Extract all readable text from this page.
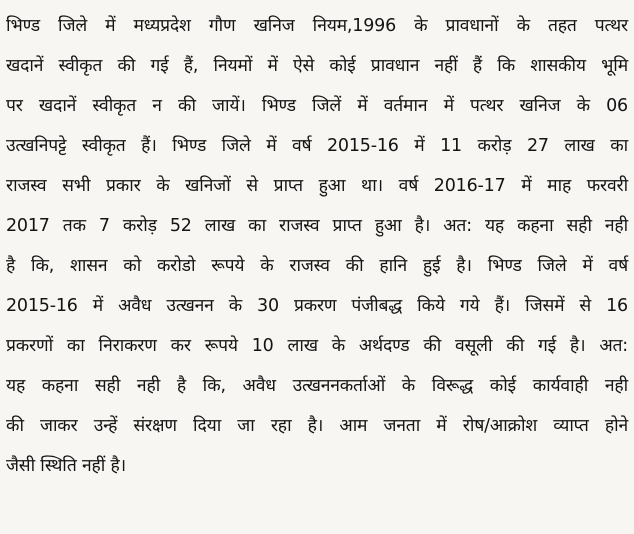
भिण्ड जिले में मध्यप्रदेश गौण खनिज नियम,1996 के प्रावधानों के तहत पत्थर
खदानें स्वीकृत की गई हैं, नियमों में ऐसे कोई प्रावधान नहीं हैं कि शासकीय भूमि
पर खदानें स्वीकृत न की जायें। भिण्ड जिलें में वर्तमान में पत्थर खनिज के 06
उत्खनिपट्टे स्वीकृत हैं। भिण्ड जिले में वर्ष 2015-16 में 11 करोड़ 27 लाख का
राजस्व सभी प्रकार के खनिजों से प्राप्त हुआ था। वर्ष 2016-17 में माह फरवरी
2017 तक 7 करोड़ 52 लाख का राजस्व प्राप्त हुआ है। अत: यह कहना सही नही
है कि, शासन को करोडो रूपये के राजस्व की हानि हुई है। भिण्ड जिले में वर्ष
2015-16 में अवैध उत्खनन के 30 प्रकरण पंजीबद्ध किये गये हैं। जिसमें से 16
प्रकरणों का निराकरण कर रूपये 10 लाख के अर्थदण्ड की वसूली की गई है। अत:
यह कहना सही नही है कि, अवैध उत्खननकर्ताओं के विरूद्ध कोई कार्यवाही नही
की जाकर उन्हें संरक्षण दिया जा रहा है। आम जनता में रोष/आक्रोश व्याप्त होने
जैसी स्थिति नहीं है।
